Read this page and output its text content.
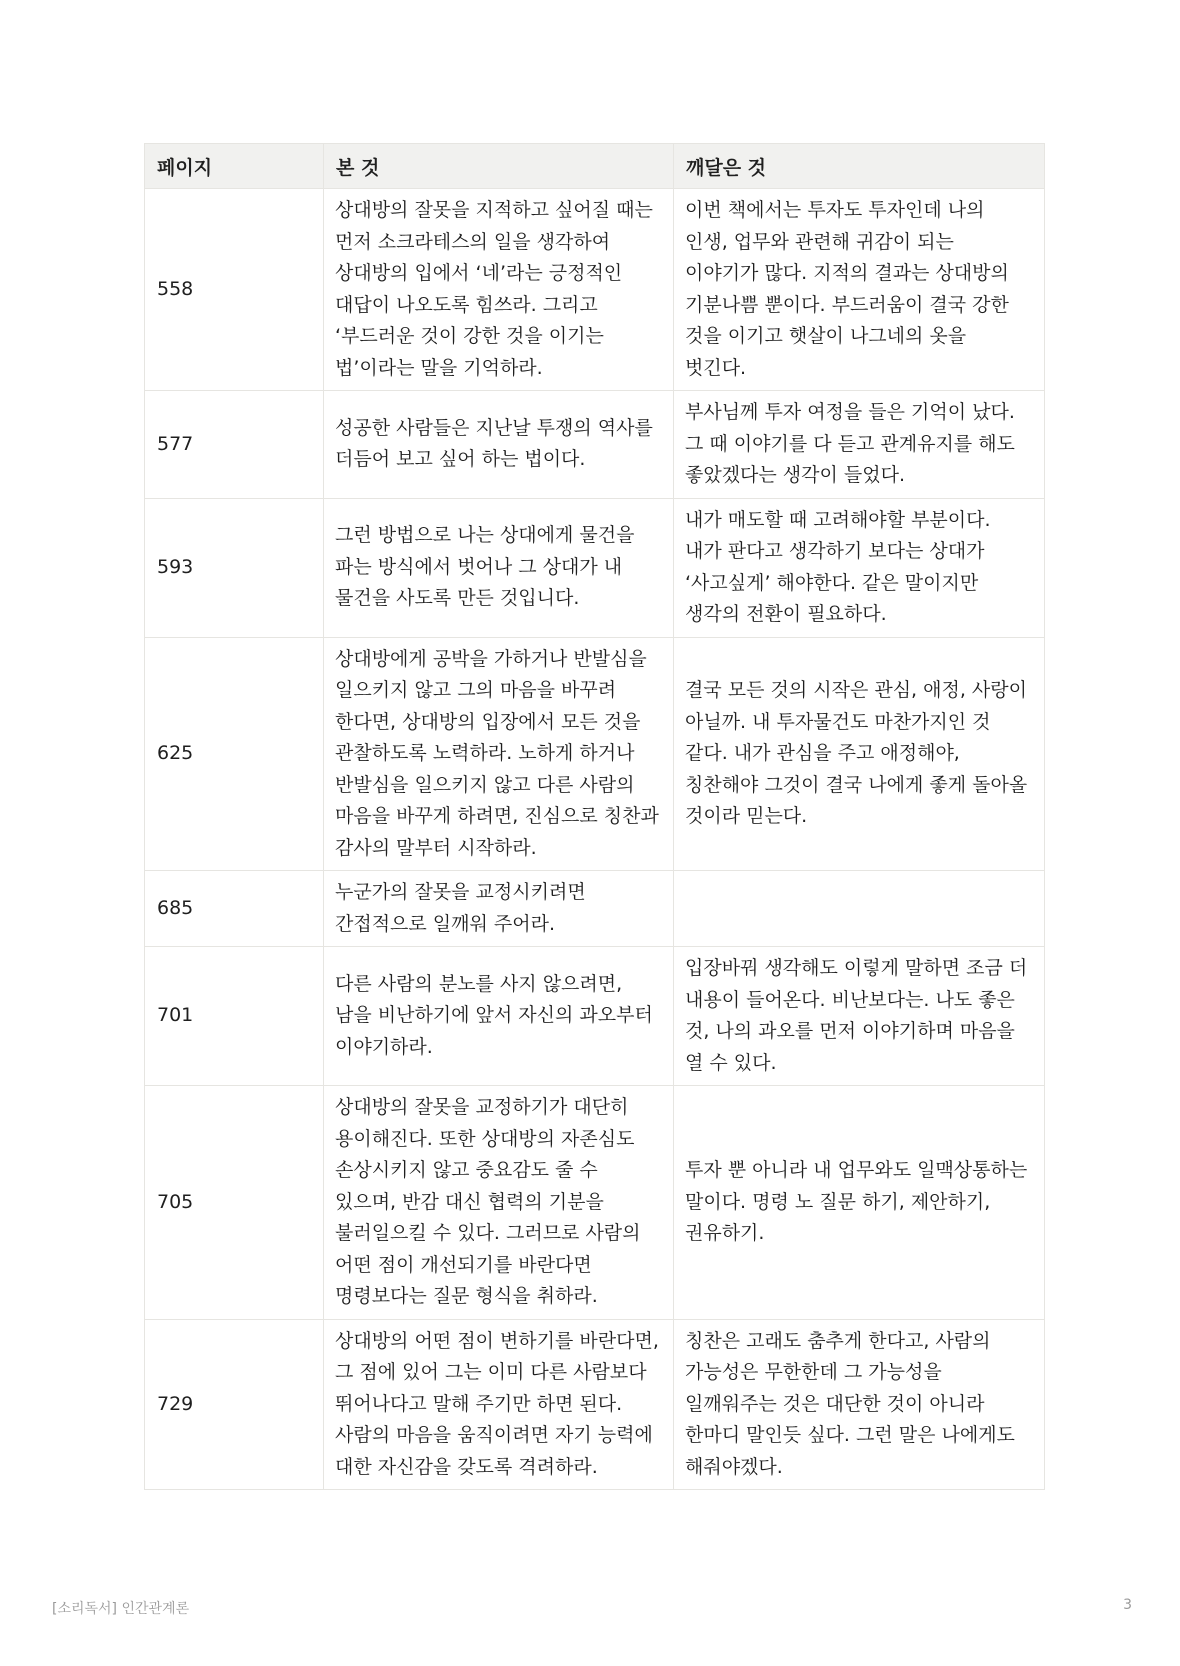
페이지	본 것	깨달은 것
558	상대방의 잘못을 지적하고 싶어질 때는 먼저 소크라테스의 일을 생각하여 상대방의 입에서 ‘네’라는 긍정적인 대답이 나오도록 힘쓰라. 그리고 ‘부드러운 것이 강한 것을 이기는 법’이라는 말을 기억하라.	이번 책에서는 투자도 투자인데 나의 인생, 업무와 관련해 귀감이 되는 이야기가 많다. 지적의 결과는 상대방의 기분나쁨 뿐이다. 부드러움이 결국 강한 것을 이기고 햇살이 나그네의 옷을 벗긴다.
577	성공한 사람들은 지난날 투쟁의 역사를 더듬어 보고 싶어 하는 법이다.	부사님께 투자 여정을 들은 기억이 났다. 그 때 이야기를 다 듣고 관계유지를 해도 좋았겠다는 생각이 들었다.
593	그런 방법으로 나는 상대에게 물건을 파는 방식에서 벗어나 그 상대가 내 물건을 사도록 만든 것입니다.	내가 매도할 때 고려해야할 부분이다. 내가 판다고 생각하기 보다는 상대가 ‘사고싶게’ 해야한다. 같은 말이지만 생각의 전환이 필요하다.
625	상대방에게 공박을 가하거나 반발심을 일으키지 않고 그의 마음을 바꾸려 한다면, 상대방의 입장에서 모든 것을 관찰하도록 노력하라. 노하게 하거나 반발심을 일으키지 않고 다른 사람의 마음을 바꾸게 하려면, 진심으로 칭찬과 감사의 말부터 시작하라.	결국 모든 것의 시작은 관심, 애정, 사랑이 아닐까. 내 투자물건도 마찬가지인 것 같다. 내가 관심을 주고 애정해야, 칭찬해야 그것이 결국 나에게 좋게 돌아올 것이라 믿는다.
685	누군가의 잘못을 교정시키려면 간접적으로 일깨워 주어라.	
701	다른 사람의 분노를 사지 않으려면, 남을 비난하기에 앞서 자신의 과오부터 이야기하라.	입장바꿔 생각해도 이렇게 말하면 조금 더 내용이 들어온다. 비난보다는. 나도 좋은 것, 나의 과오를 먼저 이야기하며 마음을 열 수 있다.
705	상대방의 잘못을 교정하기가 대단히 용이해진다. 또한 상대방의 자존심도 손상시키지 않고 중요감도 줄 수 있으며, 반감 대신 협력의 기분을 불러일으킬 수 있다. 그러므로 사람의 어떤 점이 개선되기를 바란다면 명령보다는 질문 형식을 취하라.	투자 뿐 아니라 내 업무와도 일맥상통하는 말이다. 명령 노 질문 하기, 제안하기, 권유하기.
729	상대방의 어떤 점이 변하기를 바란다면, 그 점에 있어 그는 이미 다른 사람보다 뛰어나다고 말해 주기만 하면 된다. 사람의 마음을 움직이려면 자기 능력에 대한 자신감을 갖도록 격려하라.	칭찬은 고래도 춤추게 한다고, 사람의 가능성은 무한한데 그 가능성을 일깨워주는 것은 대단한 것이 아니라 한마디 말인듯 싶다. 그런 말은 나에게도 해줘야겠다.
[소리독서] 인간관계론	3
